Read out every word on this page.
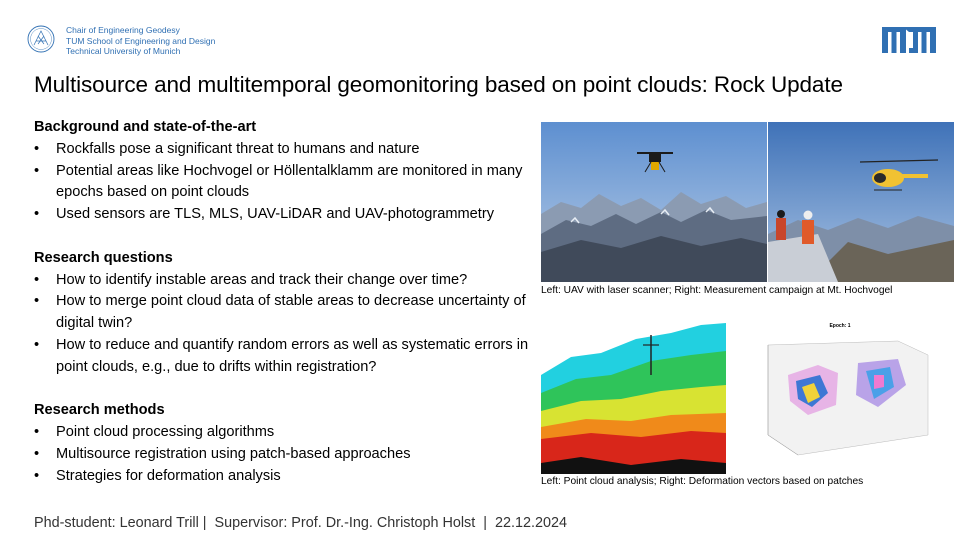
Chair of Engineering Geodesy
TUM School of Engineering and Design
Technical University of Munich
Multisource and multitemporal geomonitoring based on point clouds: Rock Update

Background and state-of-the-art

• Rockfalls pose a significant threat to humans and nature
• Potential areas like Hochvogel or Höllentalklamm are monitored in many epochs based on point clouds
• Used sensors are TLS, MLS, UAV-LiDAR and UAV-photogrammetry

Research questions

• How to identify instable areas and track their change over time?
• How to merge point cloud data of stable areas to decrease uncertainty of digital twin?
• How to reduce and quantify random errors as well as systematic errors in point clouds, e.g., due to drifts within registration?

Research methods

• Point cloud processing algorithms
• Multisource registration using patch-based approaches
• Strategies for deformation analysis
Left: UAV with laser scanner; Right: Measurement campaign at Mt. Hochvogel
Epoch: 1
Left: Point cloud analysis; Right: Deformation vectors based on patches
Phd-student: Leonard Trill | Supervisor: Prof. Dr.-Ing. Christoph Holst | 22.12.2024
